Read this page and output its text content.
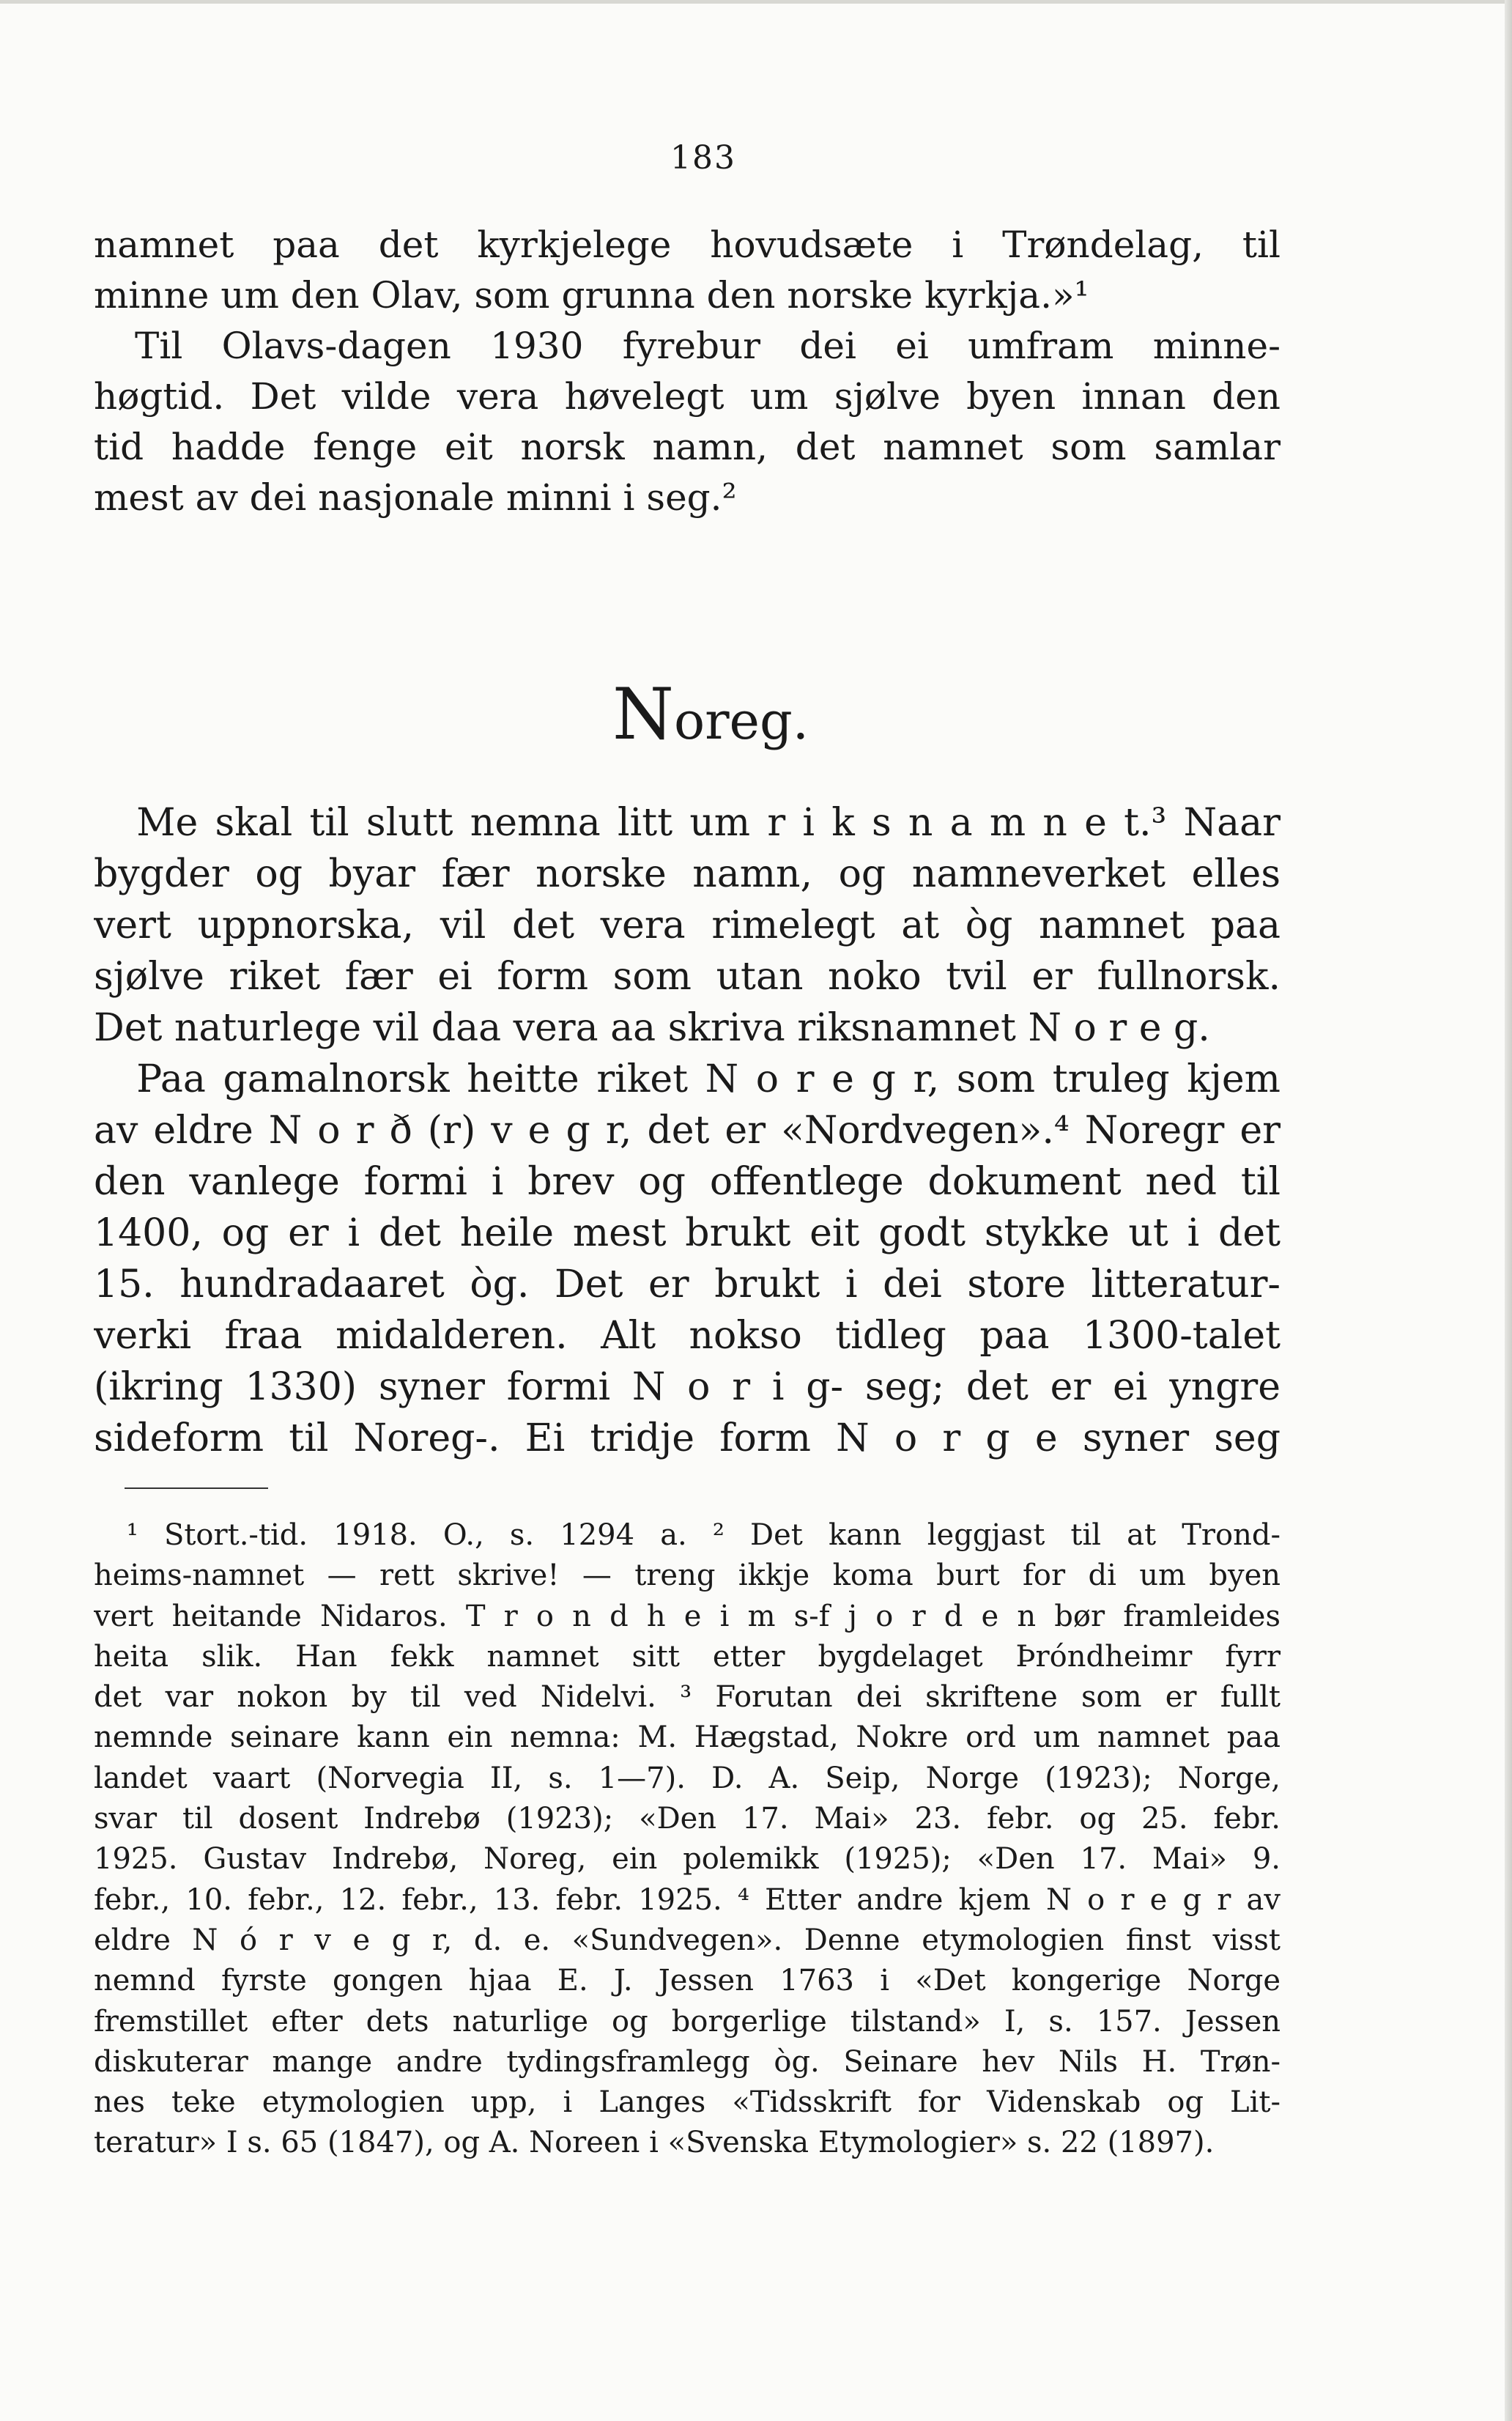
183
namnet paa det kyrkjelege hovudsæte i Trøndelag, til
minne um den Olav, som grunna den norske kyrkja.»¹
Til Olavs-dagen 1930 fyrebur dei ei umfram minne-
høgtid. Det vilde vera høvelegt um sjølve byen innan den
tid hadde fenge eit norsk namn, det namnet som samlar
mest av dei nasjonale minni i seg.²
Noreg.
Me skal til slutt nemna litt um r i k s n a m n e t.³ Naar
bygder og byar fær norske namn, og namneverket elles
vert uppnorska, vil det vera rimelegt at òg namnet paa
sjølve riket fær ei form som utan noko tvil er fullnorsk.
Det naturlege vil daa vera aa skriva riksnamnet N o r e g.
Paa gamalnorsk heitte riket N o r e g r, som truleg kjem
av eldre N o r ð (r) v e g r, det er «Nordvegen».⁴ Noregr er
den vanlege formi i brev og offentlege dokument ned til
1400, og er i det heile mest brukt eit godt stykke ut i det
15. hundradaaret òg. Det er brukt i dei store litteratur-
verki fraa midalderen. Alt nokso tidleg paa 1300-talet
(ikring 1330) syner formi N o r i g- seg; det er ei yngre
sideform til Noreg-. Ei tridje form N o r g e syner seg
¹ Stort.-tid. 1918. O., s. 1294 a. ² Det kann leggjast til at Trond-
heims-namnet — rett skrive! — treng ikkje koma burt for di um byen
vert heitande Nidaros. T r o n d h e i m s-f j o r d e n bør framleides
heita slik. Han fekk namnet sitt etter bygdelaget Þróndheimr fyrr
det var nokon by til ved Nidelvi. ³ Forutan dei skriftene som er fullt
nemnde seinare kann ein nemna: M. Hægstad, Nokre ord um namnet paa
landet vaart (Norvegia II, s. 1—7). D. A. Seip, Norge (1923); Norge,
svar til dosent Indrebø (1923); «Den 17. Mai» 23. febr. og 25. febr.
1925. Gustav Indrebø, Noreg, ein polemikk (1925); «Den 17. Mai» 9.
febr., 10. febr., 12. febr., 13. febr. 1925. ⁴ Etter andre kjem N o r e g r av
eldre N ó r v e g r, d. e. «Sundvegen». Denne etymologien finst visst
nemnd fyrste gongen hjaa E. J. Jessen 1763 i «Det kongerige Norge
fremstillet efter dets naturlige og borgerlige tilstand» I, s. 157. Jessen
diskuterar mange andre tydingsframlegg òg. Seinare hev Nils H. Trøn-
nes teke etymologien upp, i Langes «Tidsskrift for Videnskab og Lit-
teratur» I s. 65 (1847), og A. Noreen i «Svenska Etymologier» s. 22 (1897).
